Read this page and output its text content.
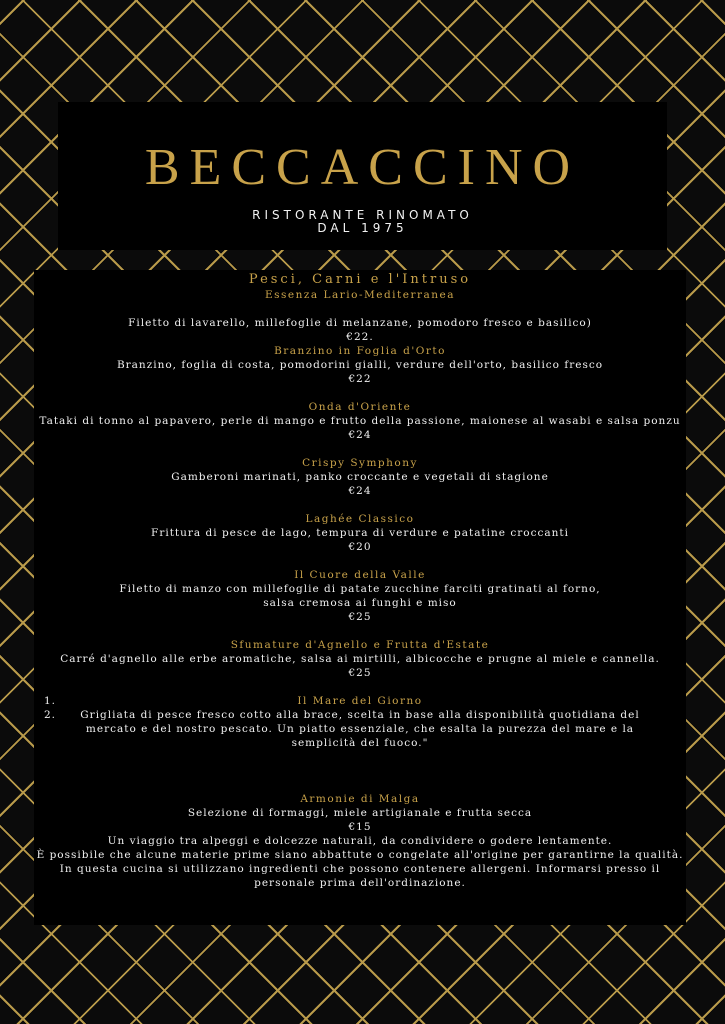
BECCACCINO
RISTORANTE RINOMATO
DAL 1975
Pesci, Carni e l'Intruso
Essenza Lario-Mediterranea
Filetto di lavarello, millefoglie di melanzane, pomodoro fresco e basilico)
€22.
Branzino in Foglia d'Orto
Branzino, foglia di costa, pomodorini gialli, verdure dell'orto, basilico fresco
€22
Onda d'Oriente
Tataki di tonno al papavero, perle di mango e frutto della passione, maionese al wasabi e salsa ponzu
€24
Crispy Symphony
Gamberoni marinati, panko croccante e vegetali di stagione
€24
Laghée Classico
Frittura di pesce de lago, tempura di verdure e patatine croccanti
€20
Il Cuore della Valle
Filetto di manzo con millefoglie di patate zucchine farciti gratinati al forno,
salsa cremosa ai funghi e miso
€25
Sfumature d'Agnello e Frutta d'Estate
Carré d'agnello alle erbe aromatiche, salsa ai mirtilli, albicocche e prugne al miele e cannella.
€25
Il Mare del Giorno
1.
2.	Grigliata di pesce fresco cotto alla brace, scelta in base alla disponibilità quotidiana del mercato e del nostro pescato. Un piatto essenziale, che esalta la purezza del mare e la semplicità del fuoco."
Armonie di Malga
Selezione di formaggi, miele artigianale e frutta secca
€15
Un viaggio tra alpeggi e dolcezze naturali, da condividere o godere lentamente.
È possibile che alcune materie prime siano abbattute o congelate all'origine per garantirne la qualità.
In questa cucina si utilizzano ingredienti che possono contenere allergeni. Informarsi presso il personale prima dell'ordinazione.
